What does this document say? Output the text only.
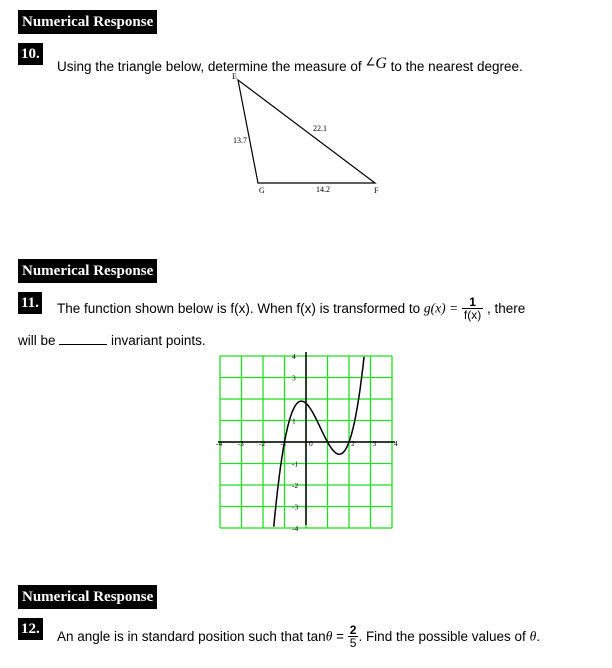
Numerical Response
10.
Using the triangle below, determine the measure of ∠G to the nearest degree.
E
G	F
13.7
22.1
14.2
Numerical Response
11. The function shown below is f(x). When f(x) is transformed to $g(x) = \frac{1}{f(x)}$ , there
will be	invariant points.
-4 -3 -2 -1	0	2 3 4
4
3
1
-1
-2
-3
-4
Numerical Response
12. An angle is in standard position such that $\tan\theta = \frac{2}{5}$ . Find the possible values of θ.
